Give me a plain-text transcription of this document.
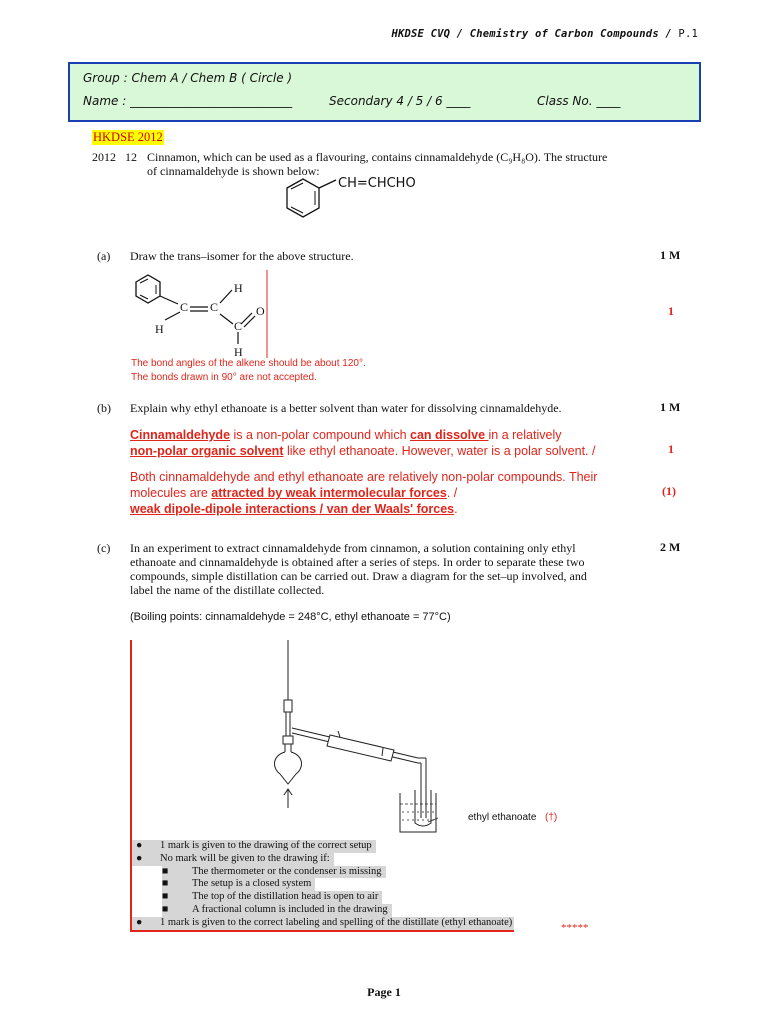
HKDSE CVQ / Chemistry of Carbon Compounds / P.1
Group : Chem A / Chem B ( Circle )
Name : ___________________________	Secondary 4 / 5 / 6 ____	Class No. ____
HKDSE 2012
2012 12 Cinnamon, which can be used as a flavouring, contains cinnamaldehyde (C₉H₈O). The structure
of cinnamaldehyde is shown below:
CH=CHCHO
(a) Draw the trans–isomer for the above structure.	1 M
C C
H
H	C
O
H
1
The bond angles of the alkene should be about 120°.
The bonds drawn in 90° are not accepted.
(b) Explain why ethyl ethanoate is a better solvent than water for dissolving cinnamaldehyde.	1 M
Cinnamaldehyde is a non-polar compound which can dissolve in a relatively
non-polar organic solvent like ethyl ethanoate. However, water is a polar solvent. /	1
Both cinnamaldehyde and ethyl ethanoate are relatively non-polar compounds. Their
molecules are attracted by weak intermolecular forces. /
weak dipole-dipole interactions / van der Waals' forces.
(1)
(c) In an experiment to extract cinnamaldehyde from cinnamon, a solution containing only ethyl
ethanoate and cinnamaldehyde is obtained after a series of steps. In order to separate these two
compounds, simple distillation can be carried out. Draw a diagram for the set–up involved, and
label the name of the distillate collected.
2 M
(Boiling points: cinnamaldehyde = 248°C, ethyl ethanoate = 77°C)
ethyl ethanoate (†)
● 1 mark is given to the drawing of the correct setup
● No mark will be given to the drawing if:
■ The thermometer or the condenser is missing
■ The setup is a closed system
■ The top of the distillation head is open to air
■ A fractional column is included in the drawing
● 1 mark is given to the correct labeling and spelling of the distillate (ethyl ethanoate)	*****
Page 1
